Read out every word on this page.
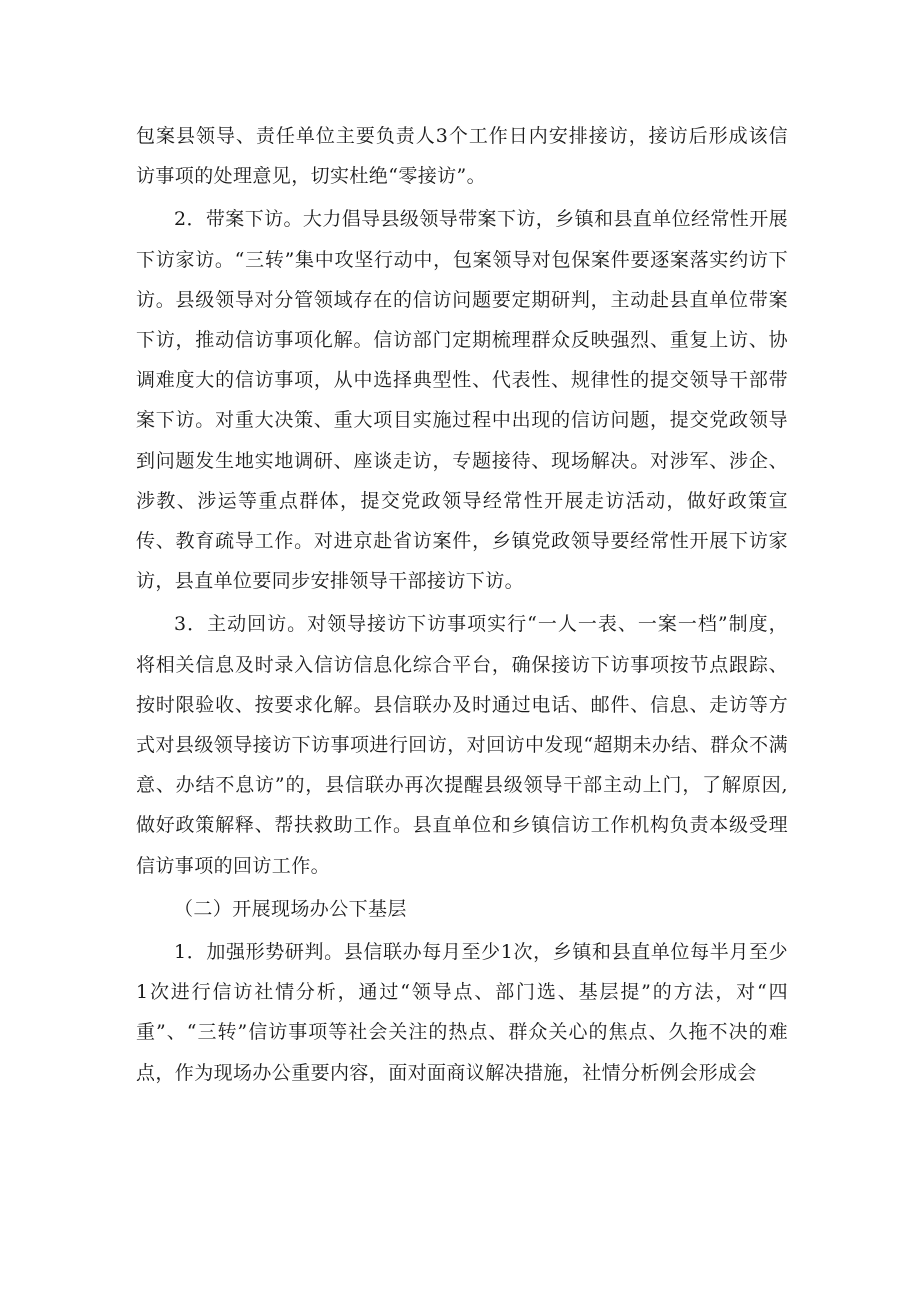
包案县领导、责任单位主要负责人3个工作日内安排接访，接访后形成该信访事项的处理意见，切实杜绝“零接访”。

2．带案下访。大力倡导县级领导带案下访，乡镇和县直单位经常性开展下访家访。“三转”集中攻坚行动中，包案领导对包保案件要逐案落实约访下访。县级领导对分管领域存在的信访问题要定期研判，主动赴县直单位带案下访，推动信访事项化解。信访部门定期梳理群众反映强烈、重复上访、协调难度大的信访事项，从中选择典型性、代表性、规律性的提交领导干部带案下访。对重大决策、重大项目实施过程中出现的信访问题，提交党政领导到问题发生地实地调研、座谈走访，专题接待、现场解决。对涉军、涉企、涉教、涉运等重点群体，提交党政领导经常性开展走访活动，做好政策宣传、教育疏导工作。对进京赴省访案件，乡镇党政领导要经常性开展下访家访，县直单位要同步安排领导干部接访下访。

3．主动回访。对领导接访下访事项实行“一人一表、一案一档”制度，将相关信息及时录入信访信息化综合平台，确保接访下访事项按节点跟踪、按时限验收、按要求化解。县信联办及时通过电话、邮件、信息、走访等方式对县级领导接访下访事项进行回访，对回访中发现“超期未办结、群众不满意、办结不息访”的，县信联办再次提醒县级领导干部主动上门，了解原因,做好政策解释、帮扶救助工作。县直单位和乡镇信访工作机构负责本级受理信访事项的回访工作。

（二）开展现场办公下基层

1．加强形势研判。县信联办每月至少1次，乡镇和县直单位每半月至少1次进行信访社情分析，通过“领导点、部门选、基层提”的方法，对“四重”、“三转”信访事项等社会关注的热点、群众关心的焦点、久拖不决的难点，作为现场办公重要内容，面对面商议解决措施，社情分析例会形成会
